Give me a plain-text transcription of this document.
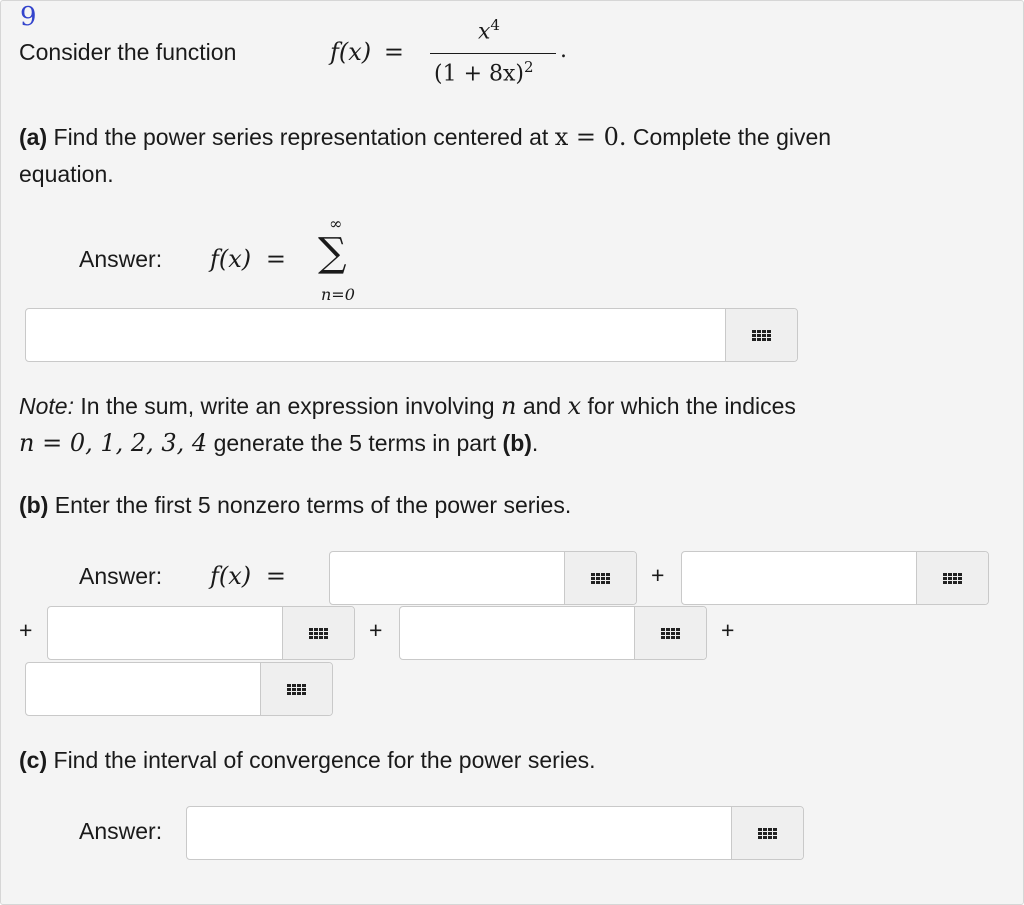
9
Consider the function	f(x) =
$x^4$
$(1 + 8x)^2$
.
(a) Find the power series representation centered at x = 0. Complete the given
equation.
Answer: f(x) =
∞
∑
n=0
Note: In the sum, write an expression involving n and x for which the indices
n = 0, 1, 2, 3, 4 generate the 5 terms in part (b).
(b) Enter the first 5 nonzero terms of the power series.
Answer: f(x) =	+
+	+	+
(c) Find the interval of convergence for the power series.
Answer:
